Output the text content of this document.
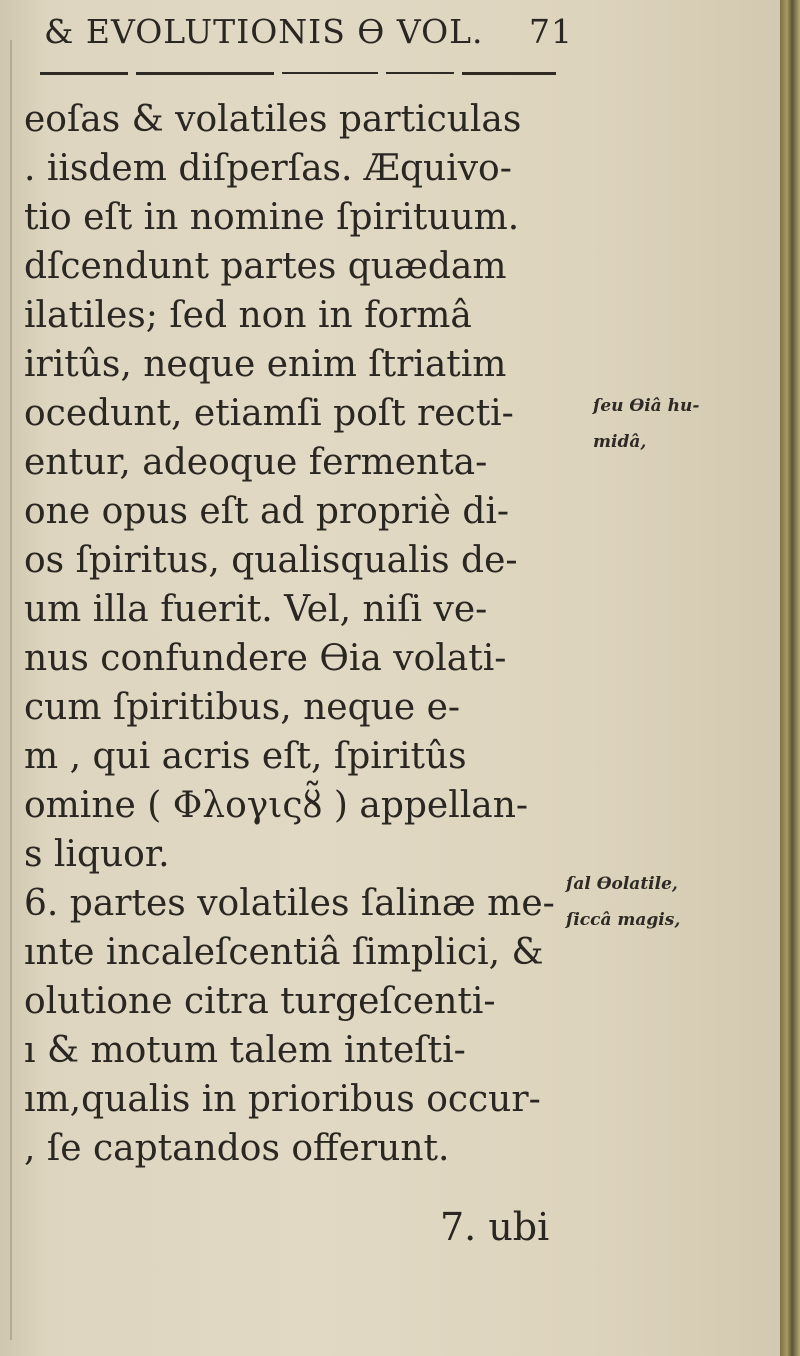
& EVOLUTIONIS ϴ VOL. 71
eoſas & volatiles particulas
. iisdem diſperſas. Æquivo-
tio eſt in nomine ſpirituum.
dſcendunt partes quædam
ilatiles; ſed non in formâ
iritûs, neque enim ſtriatim
ocedunt, etiamſi poſt recti-
entur, adeoque fermenta-
one opus eſt ad propriè di-
os ſpiritus, qualisqualis de-
um illa fuerit. Vel, niſi ve-
nus confundere ϴia volati-
cum ſpiritibus, neque e-
m , qui acris eſt, ſpiritûs
omine ( Φλογιςȣ̃ ) appellan-
s liquor.
6. partes volatiles ſalinæ me-
ınte incaleſcentiâ ſimplici, &
olutione citra turgeſcenti-
ı & motum talem inteſti-
ım,qualis in prioribus occur-
, ſe captandos offerunt.
ſeu ϴiâ hu-
midâ,
ſal ϴolatile,
ſiccâ magis,
7. ubi
